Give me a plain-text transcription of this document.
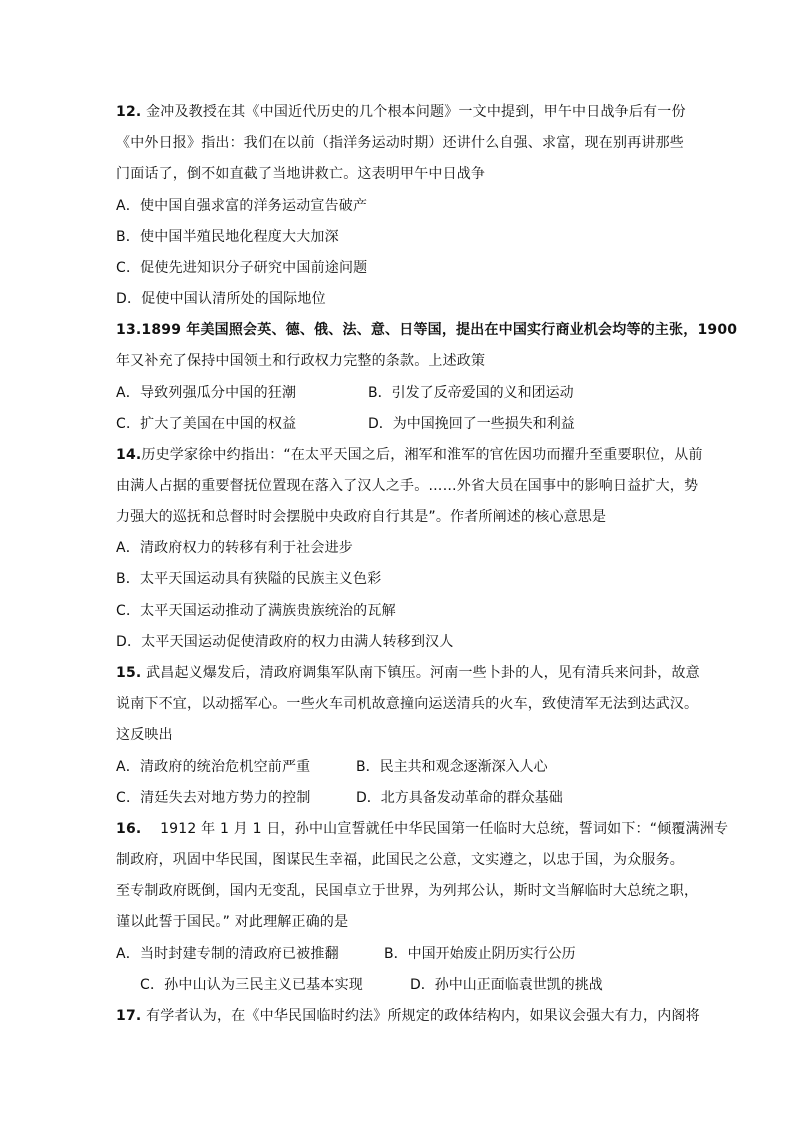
12. 金冲及教授在其《中国近代历史的几个根本问题》一文中提到，甲午中日战争后有一份
《中外日报》指出：我们在以前（指洋务运动时期）还讲什么自强、求富，现在别再讲那些
门面话了，倒不如直截了当地讲救亡。这表明甲午中日战争
A．使中国自强求富的洋务运动宣告破产
B．使中国半殖民地化程度大大加深
C．促使先进知识分子研究中国前途问题
D．促使中国认清所处的国际地位
13.1899 年美国照会英、德、俄、法、意、日等国，提出在中国实行商业机会均等的主张，1900
年又补充了保持中国领土和行政权力完整的条款。上述政策
A．导致列强瓜分中国的狂潮	B．引发了反帝爱国的义和团运动
C．扩大了美国在中国的权益	D．为中国挽回了一些损失和利益
14.历史学家徐中约指出：“在太平天国之后，湘军和淮军的官佐因功而擢升至重要职位，从前
由满人占据的重要督抚位置现在落入了汉人之手。……外省大员在国事中的影响日益扩大，势
力强大的巡抚和总督时时会摆脱中央政府自行其是”。作者所阐述的核心意思是
A．清政府权力的转移有利于社会进步
B．太平天国运动具有狭隘的民族主义色彩
C．太平天国运动推动了满族贵族统治的瓦解
D．太平天国运动促使清政府的权力由满人转移到汉人
15. 武昌起义爆发后，清政府调集军队南下镇压。河南一些卜卦的人，见有清兵来问卦，故意
说南下不宜，以动摇军心。一些火车司机故意撞向运送清兵的火车，致使清军无法到达武汉。
这反映出
A．清政府的统治危机空前严重	B．民主共和观念逐渐深入人心
C．清廷失去对地方势力的控制	D．北方具备发动革命的群众基础
16. 1912 年 1 月 1 日，孙中山宣誓就任中华民国第一任临时大总统，誓词如下：“倾覆满洲专
制政府，巩固中华民国，图谋民生幸福，此国民之公意，文实遵之，以忠于国，为众服务。
至专制政府既倒，国内无变乱，民国卓立于世界，为列邦公认，斯时文当解临时大总统之职，
谨以此誓于国民。” 对此理解正确的是
A．当时封建专制的清政府已被推翻	B．中国开始废止阴历实行公历
C．孙中山认为三民主义已基本实现	D．孙中山正面临袁世凯的挑战
17. 有学者认为，在《中华民国临时约法》所规定的政体结构内，如果议会强大有力，内阁将
